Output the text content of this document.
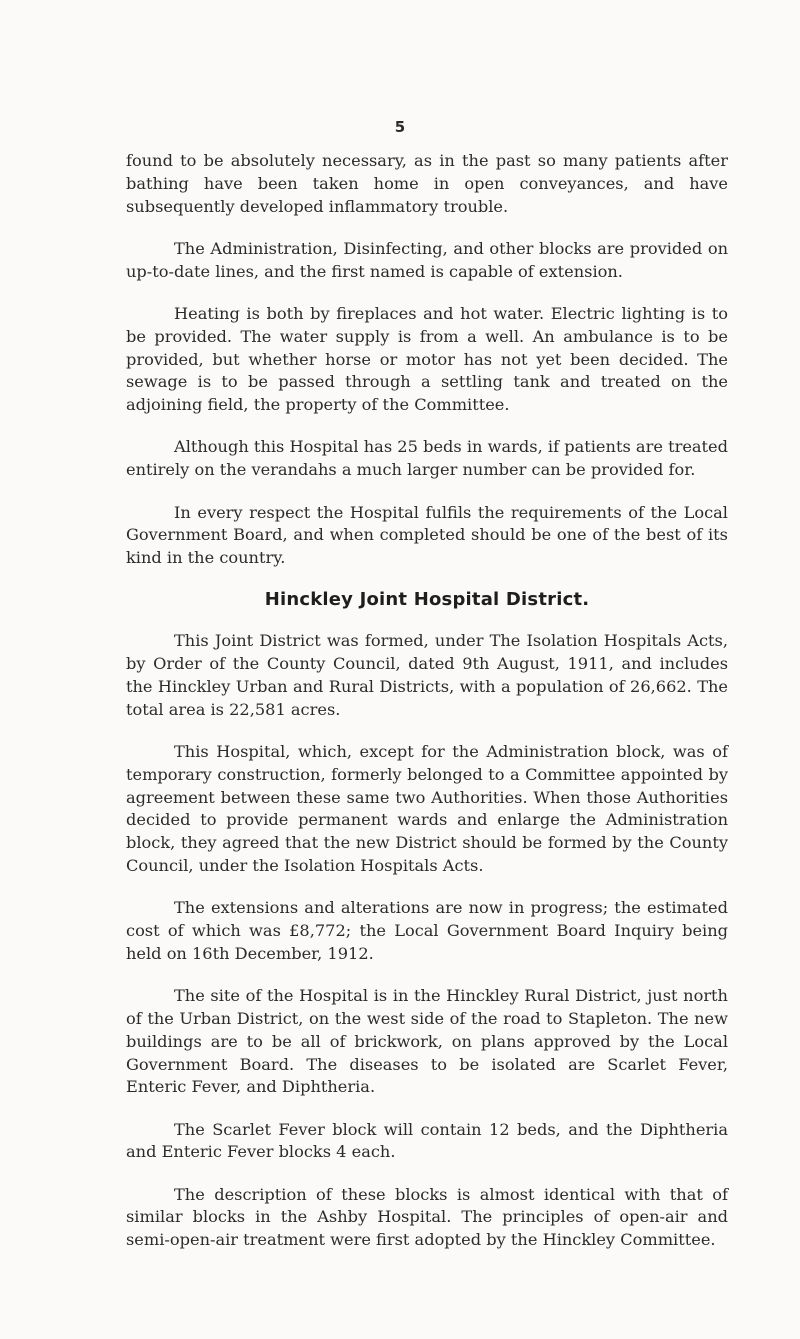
5

found to be absolutely necessary, as in the past so many patients after bathing have been taken home in open conveyances, and have subsequently developed inflammatory trouble.

The Administration, Disinfecting, and other blocks are provided on up-to-date lines, and the first named is capable of extension.

Heating is both by fireplaces and hot water. Electric lighting is to be provided. The water supply is from a well. An ambulance is to be provided, but whether horse or motor has not yet been decided. The sewage is to be passed through a settling tank and treated on the adjoining field, the property of the Committee.

Although this Hospital has 25 beds in wards, if patients are treated entirely on the verandahs a much larger number can be provided for.

In every respect the Hospital fulfils the requirements of the Local Government Board, and when completed should be one of the best of its kind in the country.

Hinckley Joint Hospital District.

This Joint District was formed, under The Isolation Hospitals Acts, by Order of the County Council, dated 9th August, 1911, and includes the Hinckley Urban and Rural Districts, with a population of 26,662. The total area is 22,581 acres.

This Hospital, which, except for the Administration block, was of temporary construction, formerly belonged to a Committee appointed by agreement between these same two Authorities. When those Authorities decided to provide permanent wards and enlarge the Administration block, they agreed that the new District should be formed by the County Council, under the Isolation Hospitals Acts.

The extensions and alterations are now in progress; the estimated cost of which was £8,772; the Local Government Board Inquiry being held on 16th December, 1912.

The site of the Hospital is in the Hinckley Rural District, just north of the Urban District, on the west side of the road to Stapleton. The new buildings are to be all of brickwork, on plans approved by the Local Government Board. The diseases to be isolated are Scarlet Fever, Enteric Fever, and Diphtheria.

The Scarlet Fever block will contain 12 beds, and the Diphtheria and Enteric Fever blocks 4 each.

The description of these blocks is almost identical with that of similar blocks in the Ashby Hospital. The principles of open-air and semi-open-air treatment were first adopted by the Hinckley Committee.
